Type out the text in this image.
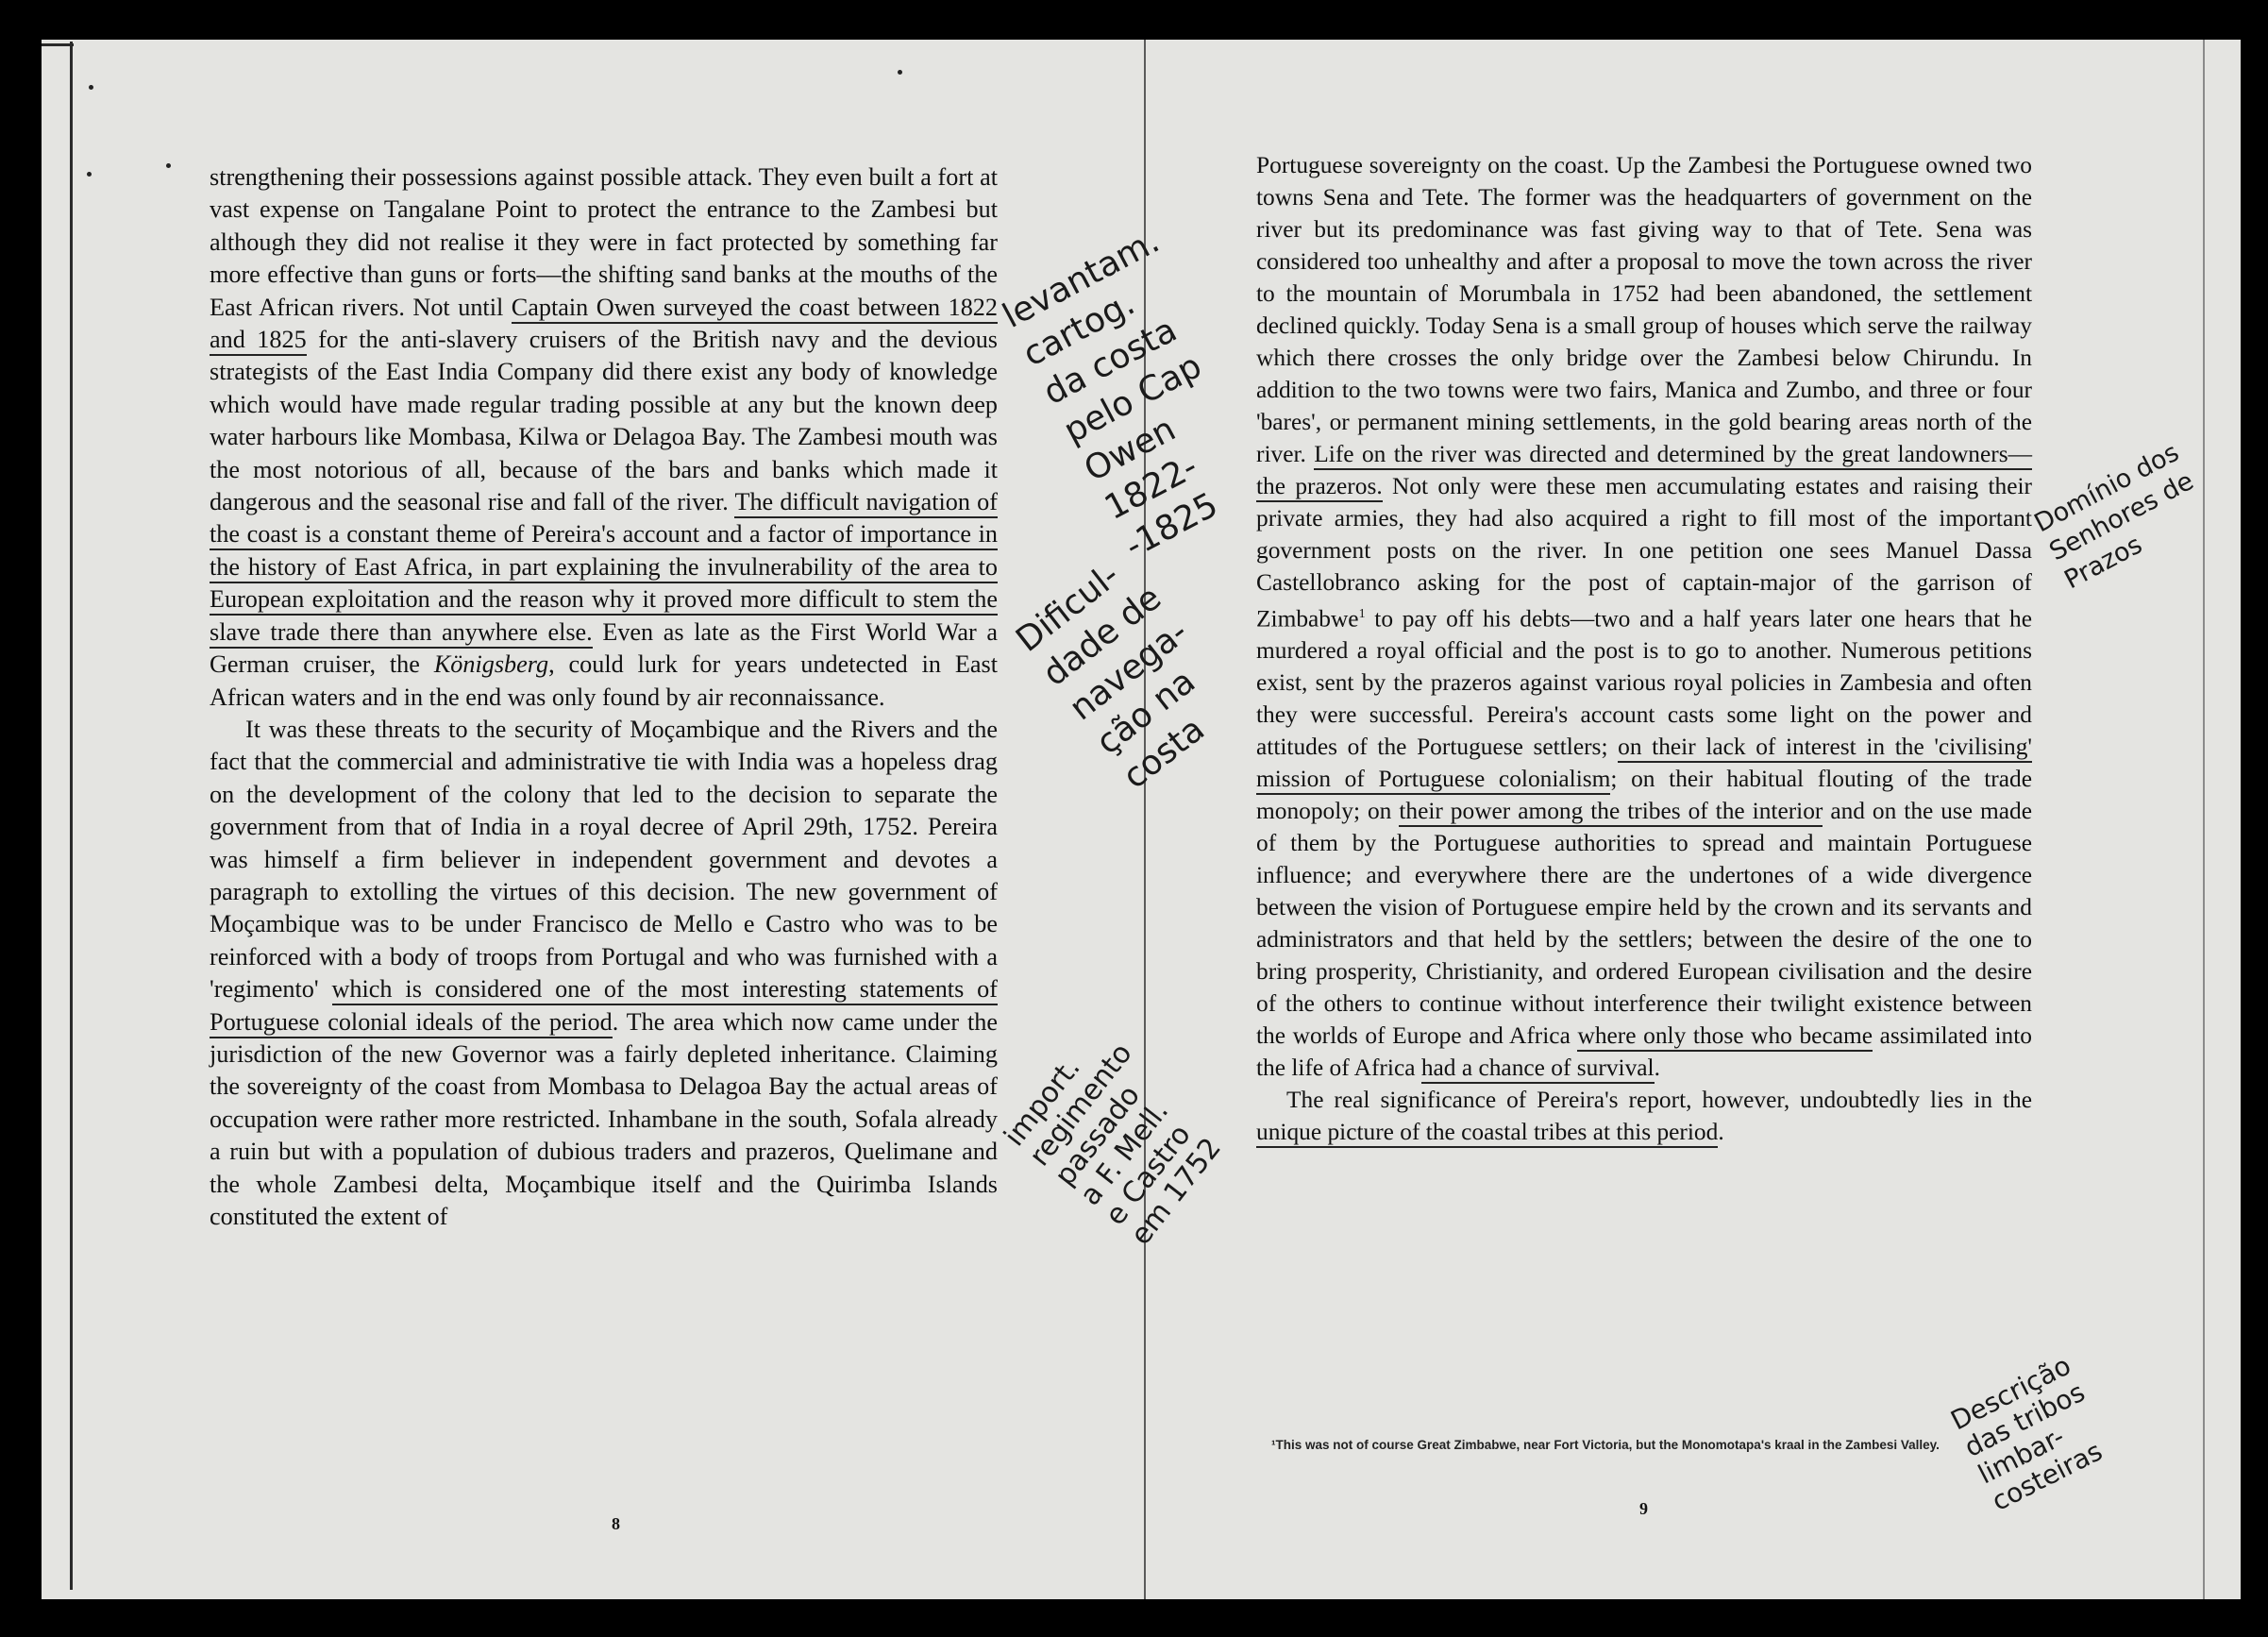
strengthening their possessions against possible attack. They even built a fort at vast expense on Tangalane Point to protect the entrance to the Zambesi but although they did not realise it they were in fact protected by something far more effective than guns or forts—the shifting sand banks at the mouths of the East African rivers. Not until Captain Owen surveyed the coast between 1822 and 1825 for the anti-slavery cruisers of the British navy and the devious strategists of the East India Company did there exist any body of knowledge which would have made regular trading possible at any but the known deep water harbours like Mombasa, Kilwa or Delagoa Bay. The Zambesi mouth was the most notorious of all, because of the bars and banks which made it dangerous and the seasonal rise and fall of the river. The difficult navigation of the coast is a constant theme of Pereira's account and a factor of importance in the history of East Africa, in part explaining the invulnerability of the area to European exploitation and the reason why it proved more difficult to stem the slave trade there than anywhere else. Even as late as the First World War a German cruiser, the Königsberg, could lurk for years undetected in East African waters and in the end was only found by air reconnaissance.

It was these threats to the security of Moçambique and the Rivers and the fact that the commercial and administrative tie with India was a hopeless drag on the development of the colony that led to the decision to separate the government from that of India in a royal decree of April 29th, 1752. Pereira was himself a firm believer in independent government and devotes a paragraph to extolling the virtues of this decision. The new government of Moçambique was to be under Francisco de Mello e Castro who was to be reinforced with a body of troops from Portugal and who was furnished with a 'regimento' which is considered one of the most interesting statements of Portuguese colonial ideals of the period. The area which now came under the jurisdiction of the new Governor was a fairly depleted inheritance. Claiming the sovereignty of the coast from Mombasa to Delagoa Bay the actual areas of occupation were rather more restricted. Inhambane in the south, Sofala already a ruin but with a population of dubious traders and prazeros, Quelimane and the whole Zambesi delta, Moçambique itself and the Quirimba Islands constituted the extent of

8

Portuguese sovereignty on the coast. Up the Zambesi the Portuguese owned two towns Sena and Tete. The former was the headquarters of government on the river but its predominance was fast giving way to that of Tete. Sena was considered too unhealthy and after a proposal to move the town across the river to the mountain of Morumbala in 1752 had been abandoned, the settlement declined quickly. Today Sena is a small group of houses which serve the railway which there crosses the only bridge over the Zambesi below Chirundu. In addition to the two towns were two fairs, Manica and Zumbo, and three or four 'bares', or permanent mining settlements, in the gold bearing areas north of the river. Life on the river was directed and determined by the great landowners—the prazeros. Not only were these men accumulating estates and raising their private armies, they had also acquired a right to fill most of the important government posts on the river. In one petition one sees Manuel Dassa Castellobranco asking for the post of captain-major of the garrison of Zimbabwe$^1$ to pay off his debts—two and a half years later one hears that he murdered a royal official and the post is to go to another. Numerous petitions exist, sent by the prazeros against various royal policies in Zambesia and often they were successful. Pereira's account casts some light on the power and attitudes of the Portuguese settlers; on their lack of interest in the 'civilising' mission of Portuguese colonialism; on their habitual flouting of the trade monopoly; on their power among the tribes of the interior and on the use made of them by the Portuguese authorities to spread and maintain Portuguese influence; and everywhere there are the undertones of a wide divergence between the vision of Portuguese empire held by the crown and its servants and administrators and that held by the settlers; between the desire of the one to bring prosperity, Christianity, and ordered European civilisation and the desire of the others to continue without interference their twilight existence between the worlds of Europe and Africa where only those who became assimilated into the life of Africa had a chance of survival.

The real significance of Pereira's report, however, undoubtedly lies in the unique picture of the coastal tribes at this period.

¹This was not of course Great Zimbabwe, near Fort Victoria, but the Monomotapa's kraal in the Zambesi Valley.
9
levantam.
cartog.
da costa
pelo Cap
Owen
1822-
-1825
Dificul-
dade de
navega-
ção na
costa
import.
regimento
passado
a F. Mell.
e Castro
em 1752
Domínio dos
Senhores de
Prazos
Descrição
das tribos
limbar-
costeiras
